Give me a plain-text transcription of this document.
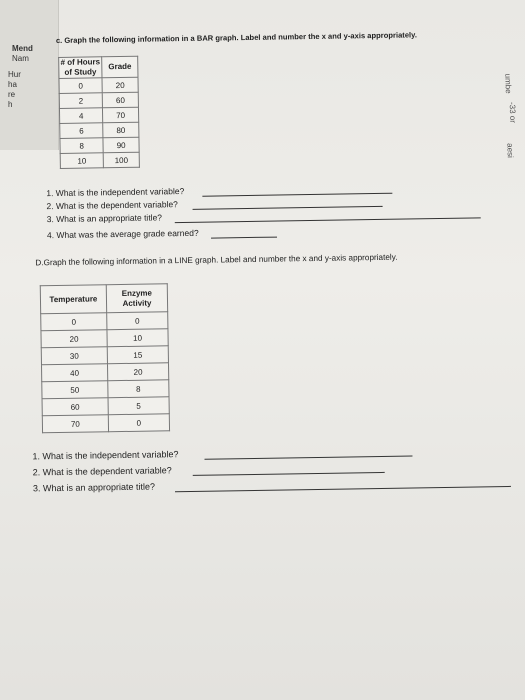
Mend
Nam
Hur
ha
re
h
umbe
-33 or
aesi
c. Graph the following information in a BAR graph. Label and number the x and y-axis appropriately.
# of Hours of Study	Grade
0	20
2	60
4	70
6	80
8	90
10	100
1. What is the independent variable?
2. What is the dependent variable?
3. What is an appropriate title?
4. What was the average grade earned?
D.Graph the following information in a LINE graph. Label and number the x and y-axis appropriately.
Temperature	Enzyme Activity
0	0
20	10
30	15
40	20
50	8
60	5
70	0
1. What is the independent variable?
2. What is the dependent variable?
3. What is an appropriate title?
